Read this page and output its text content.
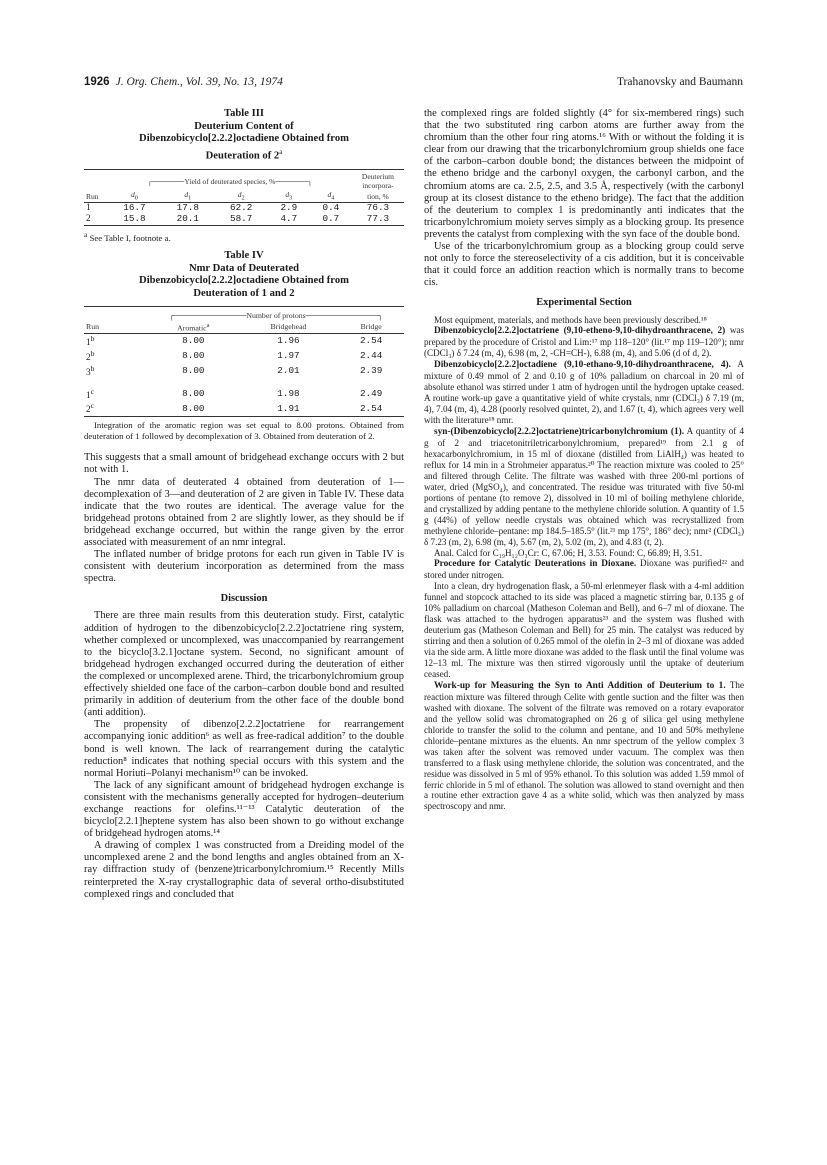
1926 J. Org. Chem., Vol. 39, No. 13, 1974	Trahanovsky and Baumann
Table III
Deuterium Content of
Dibenzobicyclo[2.2.2]octadiene Obtained from
Deuteration of 2$^a$
	┌──────Yield of deuterated species, %──────┐					Deuterium
incorpora-

Run	$d_0$	$d_1$	$d_2$	$d_3$	$d_4$	tion, %
1	16.7	17.8	62.2	2.9	0.4	76.3
2	15.8	20.1	58.7	4.7	0.7	77.3
$^a$ See Table I, footnote a.
Table IV
Nmr Data of Deuterated
Dibenzobicyclo[2.2.2]octadiene Obtained from
Deuteration of 1 and 2
	┌─────────────Number of protons─────────────┐		
Run	Aromatic$^a$	Bridgehead	Bridge
1$^b$	8.00	1.96	2.54
2$^b$	8.00	1.97	2.44
3$^b$	8.00	2.01	2.39

1$^c$	8.00	1.98	2.49
2$^c$	8.00	1.91	2.54
Integration of the aromatic region was set equal to 8.00 protons. Obtained from deuteration of 1 followed by decomplexation of 3. Obtained from deuteration of 2.

This suggests that a small amount of bridgehead exchange occurs with 2 but not with 1.

The nmr data of deuterated 4 obtained from deuteration of 1—decomplexation of 3—and deuteration of 2 are given in Table IV. These data indicate that the two routes are identical. The average value for the bridgehead protons obtained from 2 are slightly lower, as they should be if bridgehead exchange occurred, but within the range given by the error associated with measurement of an nmr integral.

The inflated number of bridge protons for each run given in Table IV is consistent with deuterium incorporation as determined from the mass spectra.

Discussion

There are three main results from this deuteration study. First, catalytic addition of hydrogen to the dibenzobicyclo[2.2.2]octatriene ring system, whether complexed or uncomplexed, was unaccompanied by rearrangement to the bicyclo[3.2.1]octane system. Second, no significant amount of bridgehead hydrogen exchanged occurred during the deuteration of either the complexed or uncomplexed arene. Third, the tricarbonylchromium group effectively shielded one face of the carbon–carbon double bond and resulted primarily in addition of deuterium from the other face of the double bond (anti addition).

The propensity of dibenzo[2.2.2]octatriene for rearrangement accompanying ionic addition⁶ as well as free-radical addition⁷ to the double bond is well known. The lack of rearrangement during the catalytic reduction⁸ indicates that nothing special occurs with this system and the normal Horiuti–Polanyi mechanism¹⁰ can be invoked.

The lack of any significant amount of bridgehead hydrogen exchange is consistent with the mechanisms generally accepted for hydrogen–deuterium exchange reactions for olefins.¹¹⁻¹³ Catalytic deuteration of the bicyclo[2.2.1]heptene system has also been shown to go without exchange of bridgehead hydrogen atoms.¹⁴

A drawing of complex 1 was constructed from a Dreiding model of the uncomplexed arene 2 and the bond lengths and angles obtained from an X-ray diffraction study of (benzene)tricarbonylchromium.¹⁵ Recently Mills reinterpreted the X-ray crystallographic data of several ortho-disubstituted complexed rings and concluded that

the complexed rings are folded slightly (4° for six-membered rings) such that the two substituted ring carbon atoms are further away from the chromium than the other four ring atoms.¹⁶ With or without the folding it is clear from our drawing that the tricarbonylchromium group shields one face of the carbon–carbon double bond; the distances between the midpoint of the etheno bridge and the carbonyl oxygen, the carbonyl carbon, and the chromium atoms are ca. 2.5, 2.5, and 3.5 Å, respectively (with the carbonyl group at its closest distance to the etheno bridge). The fact that the addition of the deuterium to complex 1 is predominantly anti indicates that the tricarbonylchromium moiety serves simply as a blocking group. Its presence prevents the catalyst from complexing with the syn face of the double bond.

Use of the tricarbonylchromium group as a blocking group could serve not only to force the stereoselectivity of a cis addition, but it is conceivable that it could force an addition reaction which is normally trans to become cis.

Experimental Section

Most equipment, materials, and methods have been previously described.¹⁸

Dibenzobicyclo[2.2.2]octatriene (9,10-etheno-9,10-dihydroanthracene, 2) was prepared by the procedure of Cristol and Lim:¹⁷ mp 118–120° (lit.¹⁷ mp 119–120°); nmr (CDCl₃) δ 7.24 (m, 4), 6.98 (m, 2, -CH=CH-), 6.88 (m, 4), and 5.06 (d of d, 2).

Dibenzobicyclo[2.2.2]octadiene (9,10-ethano-9,10-dihydroanthracene, 4). A mixture of 0.49 mmol of 2 and 0.10 g of 10% palladium on charcoal in 20 ml of absolute ethanol was stirred under 1 atm of hydrogen until the hydrogen uptake ceased. A routine work-up gave a quantitative yield of white crystals, nmr (CDCl₃) δ 7.19 (m, 4), 7.04 (m, 4), 4.28 (poorly resolved quintet, 2), and 1.67 (t, 4), which agrees very well with the literature¹⁸ nmr.

syn-(Dibenzobicyclo[2.2.2]octatriene)tricarbonylchromium (1). A quantity of 4 g of 2 and triacetonitriletricarbonylchromium, prepared¹⁹ from 2.1 g of hexacarbonylchromium, in 15 ml of dioxane (distilled from LiAlH₄) was heated to reflux for 14 min in a Strohmeier apparatus.²⁰ The reaction mixture was cooled to 25° and filtered through Celite. The filtrate was washed with three 200-ml portions of water, dried (MgSO₄), and concentrated. The residue was triturated with five 50-ml portions of pentane (to remove 2), dissolved in 10 ml of boiling methylene chloride, and crystallized by adding pentane to the methylene chloride solution. A quantity of 1.5 g (44%) of yellow needle crystals was obtained which was recrystallized from methylene chloride–pentane: mp 184.5–185.5° (lit.²¹ mp 175°, 186° dec); nmr² (CDCl₃) δ 7.23 (m, 2), 6.98 (m, 4), 5.67 (m, 2), 5.02 (m, 2), and 4.83 (t, 2).

Anal. Calcd for C₁₉H₁₂O₃Cr: C, 67.06; H, 3.53. Found: C, 66.89; H, 3.51.

Procedure for Catalytic Deuterations in Dioxane. Dioxane was purified²² and stored under nitrogen.

Into a clean, dry hydrogenation flask, a 50-ml erlenmeyer flask with a 4-ml addition funnel and stopcock attached to its side was placed a magnetic stirring bar, 0.135 g of 10% palladium on charcoal (Matheson Coleman and Bell), and 6–7 ml of dioxane. The flask was attached to the hydrogen apparatus²³ and the system was flushed with deuterium gas (Matheson Coleman and Bell) for 25 min. The catalyst was reduced by stirring and then a solution of 0.265 mmol of the olefin in 2–3 ml of dioxane was added via the side arm. A little more dioxane was added to the flask until the final volume was 12–13 ml. The mixture was then stirred vigorously until the uptake of deuterium ceased.

Work-up for Measuring the Syn to Anti Addition of Deuterium to 1. The reaction mixture was filtered through Celite with gentle suction and the filter was then washed with dioxane. The solvent of the filtrate was removed on a rotary evaporator and the yellow solid was chromatographed on 26 g of silica gel using methylene chloride to transfer the solid to the column and pentane, and 10 and 50% methylene chloride–pentane mixtures as the eluents. An nmr spectrum of the yellow complex 3 was taken after the solvent was removed under vacuum. The complex was then transferred to a flask using methylene chloride, the solution was concentrated, and the residue was dissolved in 5 ml of 95% ethanol. To this solution was added 1.59 mmol of ferric chloride in 5 ml of ethanol. The solution was allowed to stand overnight and then a routine ether extraction gave 4 as a white solid, which was then analyzed by mass spectroscopy and nmr.
